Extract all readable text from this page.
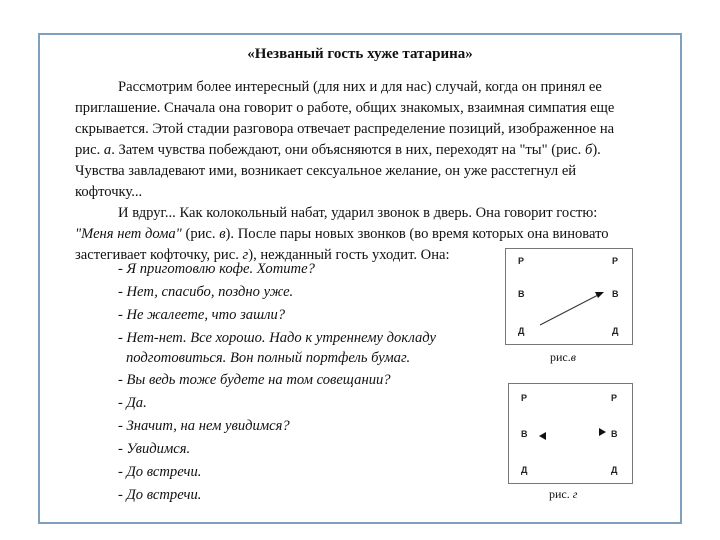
«Незваный гость хуже татарина»
Рассмотрим более интересный (для них и для нас) случай, когда он принял ее
приглашение. Сначала она говорит о работе, общих знакомых, взаимная симпатия еще
скрывается. Этой стадии разговора отвечает распределение позиций, изображенное на
рис. а. Затем чувства побеждают, они объясняются в них, переходят на "ты" (рис. б).
Чувства завладевают ими, возникает сексуальное желание, он уже расстегнул ей
кофточку...
И вдруг... Как колокольный набат, ударил звонок в дверь. Она говорит гостю:
"Меня нет дома" (рис. в). После пары новых звонков (во время которых она виновато
застегивает кофточку, рис. г), нежданный гость уходит. Она:
- Я приготовлю кофе. Хотите?
- Нет, спасибо, поздно уже.
- Не жалеете, что зашли?
- Нет-нет. Все хорошо. Надо к утреннему докладу
подготовиться. Вон полный портфель бумаг.
- Вы ведь тоже будете на том совещании?
- Да.
- Значит, на нем увидимся?
- Увидимся.
- До встречи.
- До встречи.
Р
В
Д
Р
В
Д
рис.в
Р
В
Д
Р
В
Д
рис. г
